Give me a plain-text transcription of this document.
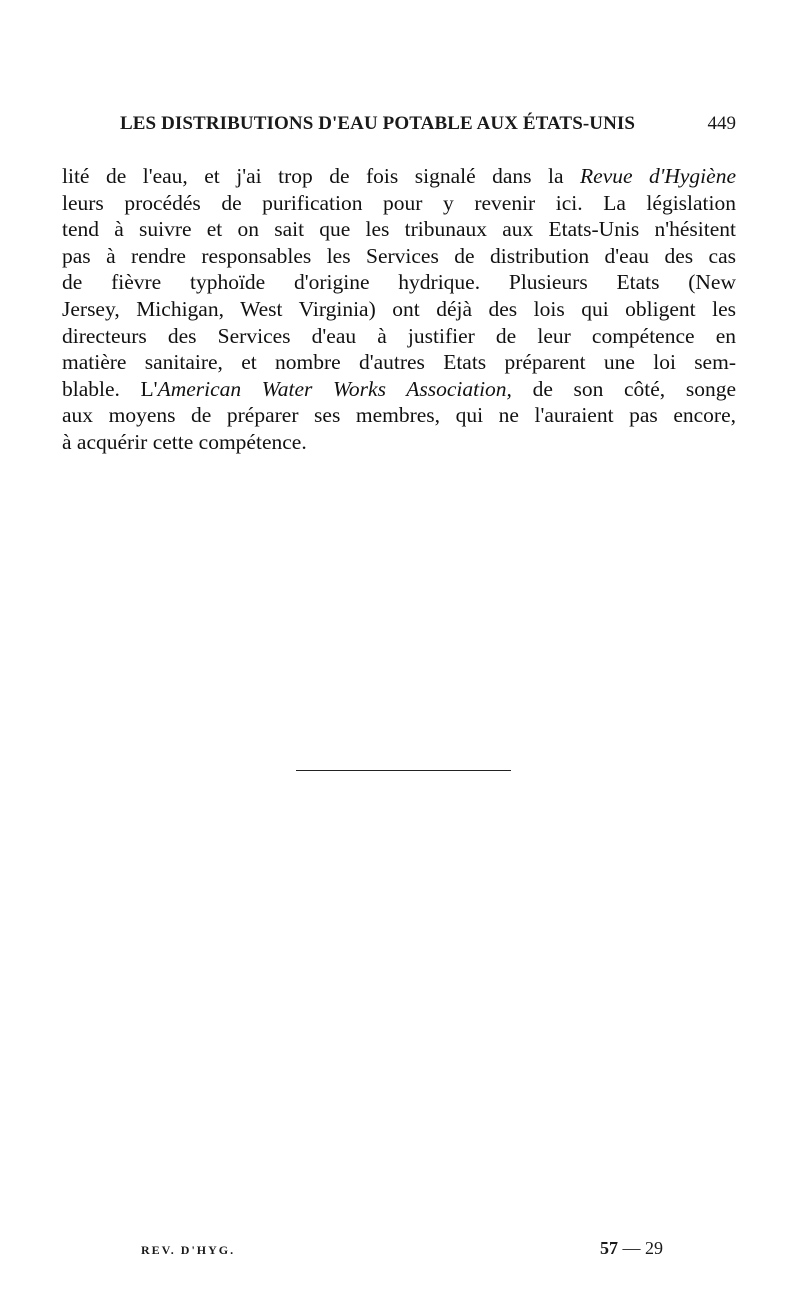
LES DISTRIBUTIONS D'EAU POTABLE AUX ÉTATS-UNIS	449
lité de l'eau, et j'ai trop de fois signalé dans la Revue d'Hygiène
leurs procédés de purification pour y revenir ici. La législation
tend à suivre et on sait que les tribunaux aux Etats-Unis n'hésitent
pas à rendre responsables les Services de distribution d'eau des cas
de fièvre typhoïde d'origine hydrique. Plusieurs Etats (New
Jersey, Michigan, West Virginia) ont déjà des lois qui obligent les
directeurs des Services d'eau à justifier de leur compétence en
matière sanitaire, et nombre d'autres Etats préparent une loi sem-
blable. L'American Water Works Association, de son côté, songe
aux moyens de préparer ses membres, qui ne l'auraient pas encore,
à acquérir cette compétence.
REV. D'HYG.	57 — 29
